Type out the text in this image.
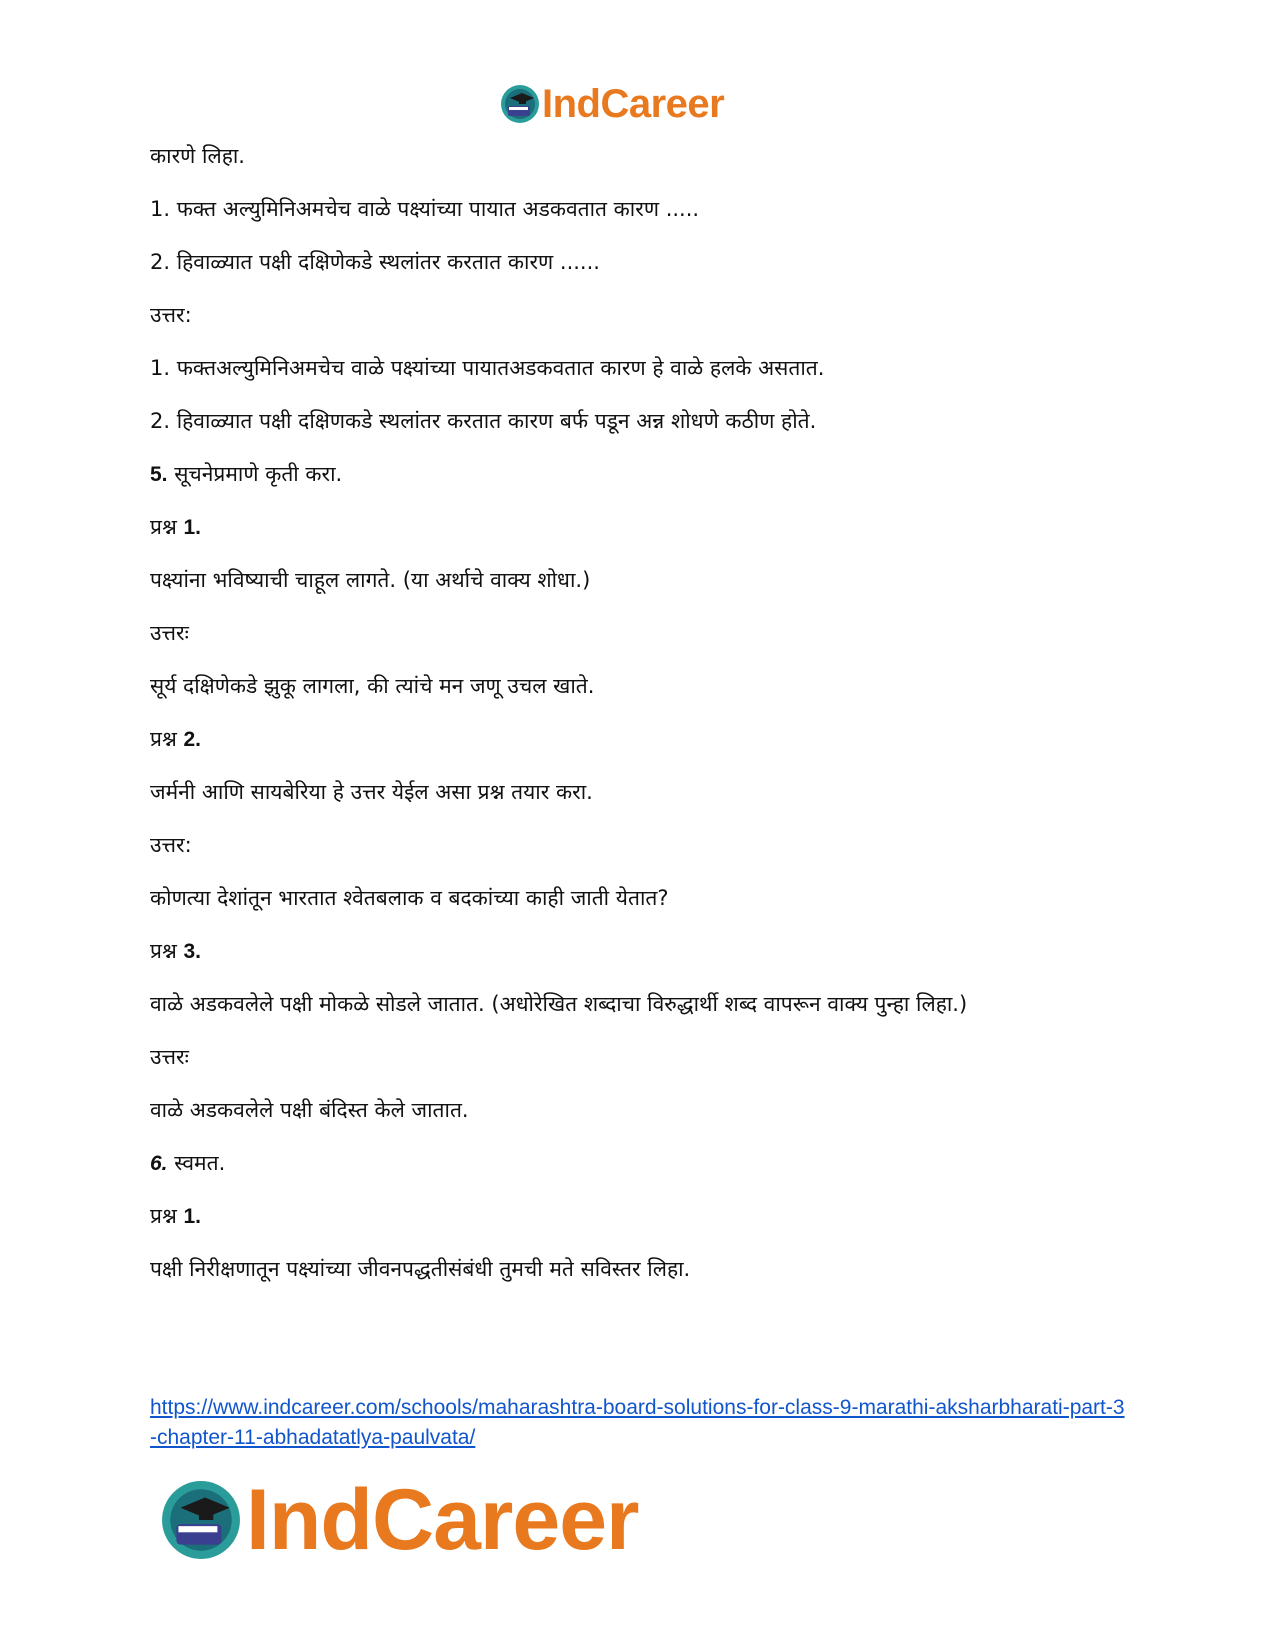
IndCareer

कारणे लिहा.

1. फक्त अल्युमिनिअमचेच वाळे पक्ष्यांच्या पायात अडकवतात कारण .....

2. हिवाळ्यात पक्षी दक्षिणेकडे स्थलांतर करतात कारण ......

उत्तर:

1. फक्तअल्युमिनिअमचेच वाळे पक्ष्यांच्या पायातअडकवतात कारण हे वाळे हलके असतात.

2. हिवाळ्यात पक्षी दक्षिणकडे स्थलांतर करतात कारण बर्फ पडून अन्न शोधणे कठीण होते.

5. सूचनेप्रमाणे कृती करा.

प्रश्न 1.

पक्ष्यांना भविष्याची चाहूल लागते. (या अर्थाचे वाक्य शोधा.)

उत्तरः

सूर्य दक्षिणेकडे झुकू लागला, की त्यांचे मन जणू उचल खाते.

प्रश्न 2.

जर्मनी आणि सायबेरिया हे उत्तर येईल असा प्रश्न तयार करा.

उत्तर:

कोणत्या देशांतून भारतात श्वेतबलाक व बदकांच्या काही जाती येतात?

प्रश्न 3.

वाळे अडकवलेले पक्षी मोकळे सोडले जातात. (अधोरेखित शब्दाचा विरुद्धार्थी शब्द वापरून वाक्य पुन्हा लिहा.)

उत्तरः

वाळे अडकवलेले पक्षी बंदिस्त केले जातात.

6. स्वमत.

प्रश्न 1.

पक्षी निरीक्षणातून पक्ष्यांच्या जीवनपद्धतीसंबंधी तुमची मते सविस्तर लिहा.

https://www.indcareer.com/schools/maharashtra-board-solutions-for-class-9-marathi-aksharbharati-part-3-chapter-11-abhadatatlya-paulvata/
IndCareer
